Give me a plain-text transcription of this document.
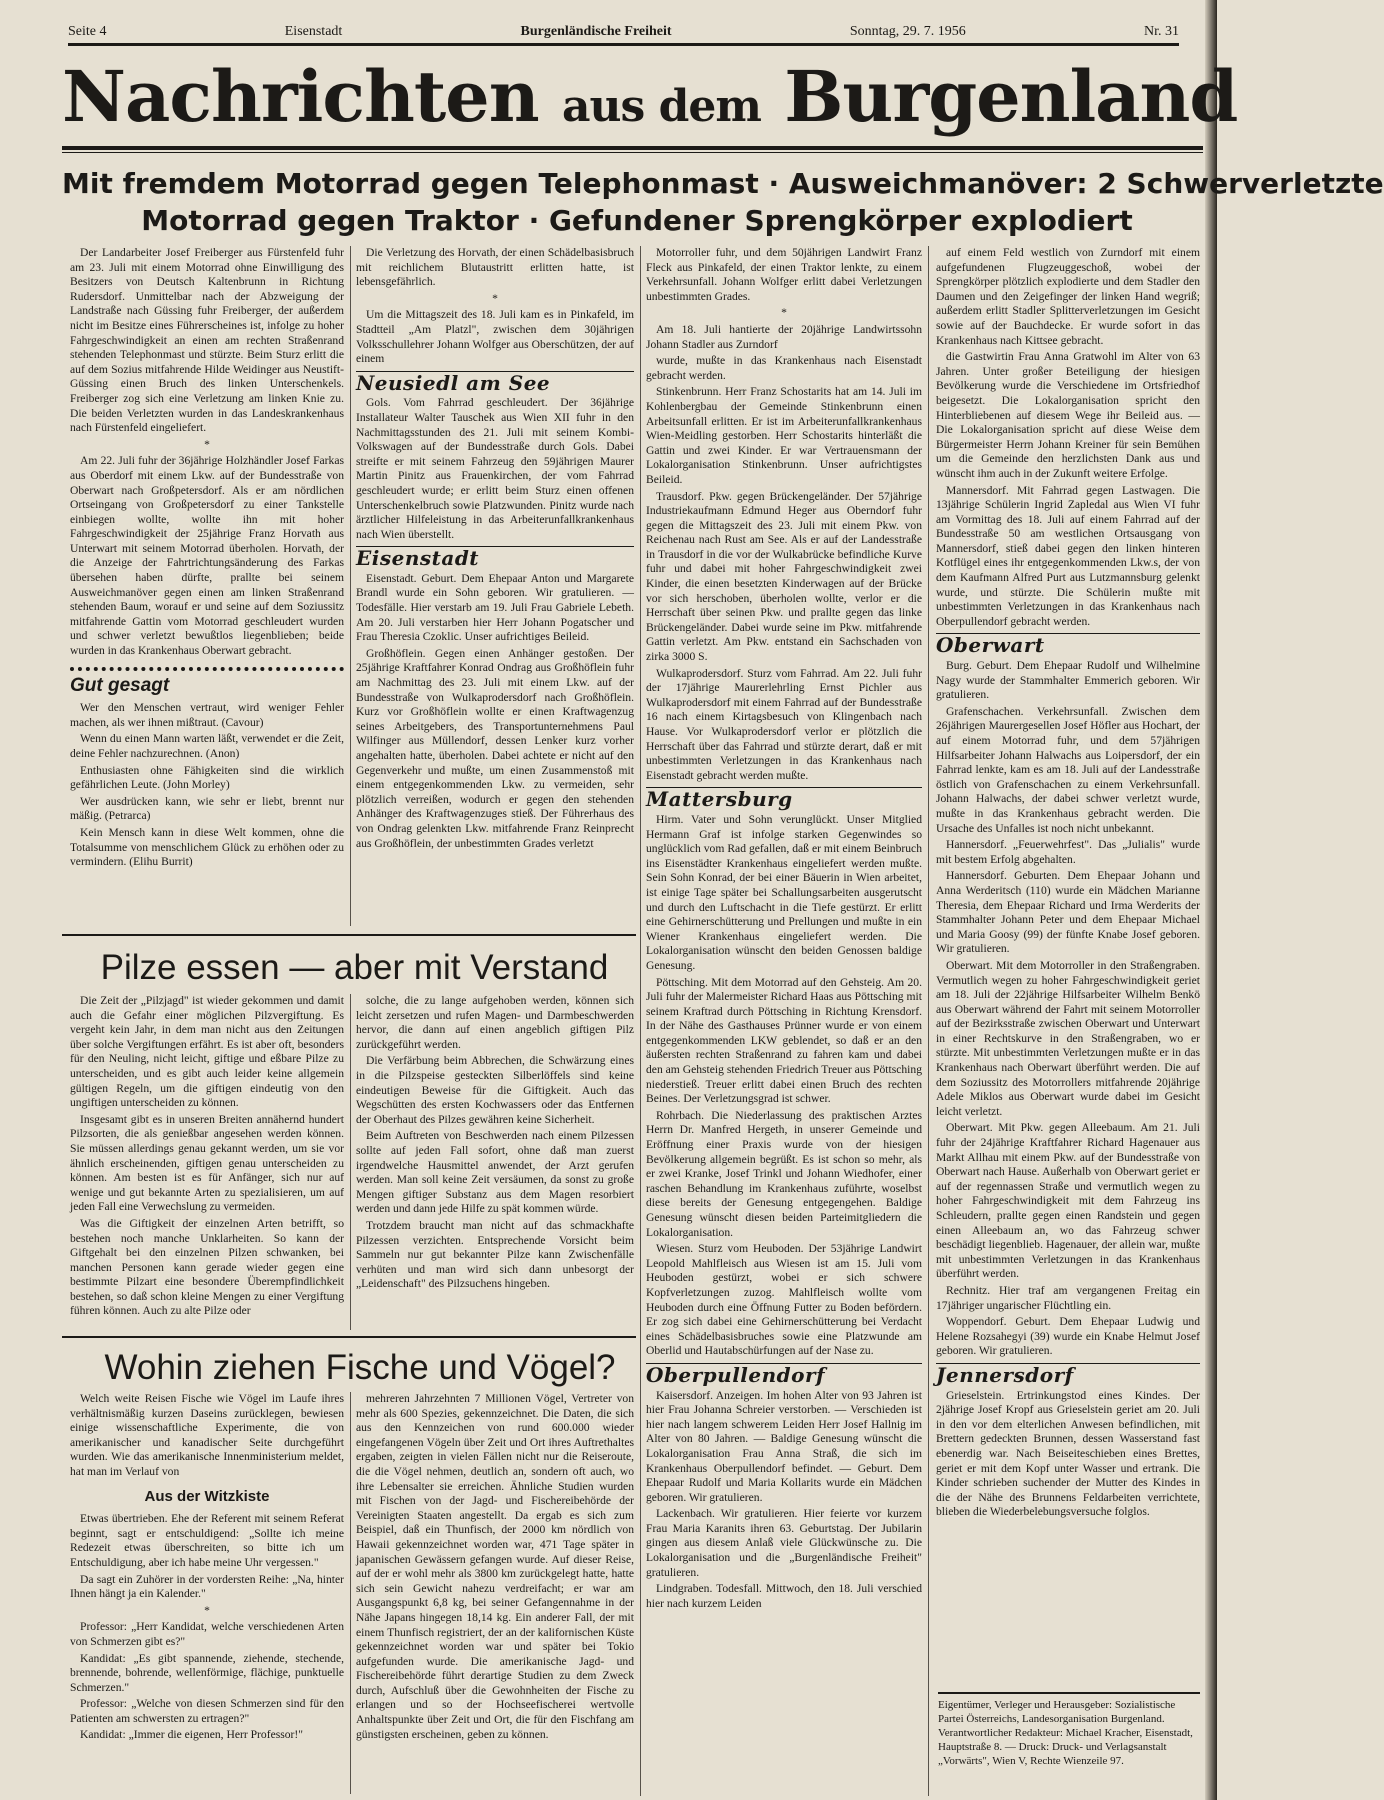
Seite 4	Eisenstadt	Burgenländische Freiheit	Sonntag, 29. 7. 1956	Nr. 31
Nachrichten aus dem Burgenland
Mit fremdem Motorrad gegen Telephonmast · Ausweichmanöver: 2 Schwerverletzte
Motorrad gegen Traktor · Gefundener Sprengkörper explodiert

Der Landarbeiter Josef Freiberger aus Fürstenfeld fuhr am 23. Juli mit einem Motorrad ohne Einwilligung des Besitzers von Deutsch Kaltenbrunn in Richtung Rudersdorf. Unmittelbar nach der Abzweigung der Landstraße nach Güssing fuhr Freiberger, der außerdem nicht im Besitze eines Führerscheines ist, infolge zu hoher Fahrgeschwindigkeit an einen am rechten Straßenrand stehenden Telephonmast und stürzte. Beim Sturz erlitt die auf dem Sozius mitfahrende Hilde Weidinger aus Neustift-Güssing einen Bruch des linken Unterschenkels. Freiberger zog sich eine Verletzung am linken Knie zu. Die beiden Verletzten wurden in das Landeskrankenhaus nach Fürstenfeld eingeliefert.

*

Am 22. Juli fuhr der 36jährige Holzhändler Josef Farkas aus Oberdorf mit einem Lkw. auf der Bundesstraße von Oberwart nach Großpetersdorf. Als er am nördlichen Ortseingang von Großpetersdorf zu einer Tankstelle einbiegen wollte, wollte ihn mit hoher Fahrgeschwindigkeit der 25jährige Franz Horvath aus Unterwart mit seinem Motorrad überholen. Horvath, der die Anzeige der Fahrtrichtungsänderung des Farkas übersehen haben dürfte, prallte bei seinem Ausweichmanöver gegen einen am linken Straßenrand stehenden Baum, worauf er und seine auf dem Soziussitz mitfahrende Gattin vom Motorrad geschleudert wurden und schwer verletzt bewußtlos liegenblieben; beide wurden in das Krankenhaus Oberwart gebracht.

Gut gesagt

Wer den Menschen vertraut, wird weniger Fehler machen, als wer ihnen mißtraut. (Cavour)

Wenn du einen Mann warten läßt, verwendet er die Zeit, deine Fehler nachzurechnen. (Anon)

Enthusiasten ohne Fähigkeiten sind die wirklich gefährlichen Leute. (John Morley)

Wer ausdrücken kann, wie sehr er liebt, brennt nur mäßig. (Petrarca)

Kein Mensch kann in diese Welt kommen, ohne die Totalsumme von menschlichem Glück zu erhöhen oder zu vermindern. (Elihu Burrit)

Die Verletzung des Horvath, der einen Schädelbasisbruch mit reichlichem Blutaustritt erlitten hatte, ist lebensgefährlich.

*

Um die Mittagszeit des 18. Juli kam es in Pinkafeld, im Stadtteil „Am Platzl", zwischen dem 30jährigen Volksschullehrer Johann Wolfger aus Oberschützen, der auf einem

Neusiedl am See

Gols. Vom Fahrrad geschleudert. Der 36jährige Installateur Walter Tauschek aus Wien XII fuhr in den Nachmittagsstunden des 21. Juli mit seinem Kombi-Volkswagen auf der Bundesstraße durch Gols. Dabei streifte er mit seinem Fahrzeug den 59jährigen Maurer Martin Pinitz aus Frauenkirchen, der vom Fahrrad geschleudert wurde; er erlitt beim Sturz einen offenen Unterschenkelbruch sowie Platzwunden. Pinitz wurde nach ärztlicher Hilfeleistung in das Arbeiterunfallkrankenhaus nach Wien überstellt.

Eisenstadt

Eisenstadt. Geburt. Dem Ehepaar Anton und Margarete Brandl wurde ein Sohn geboren. Wir gratulieren. — Todesfälle. Hier verstarb am 19. Juli Frau Gabriele Lebeth. Am 20. Juli verstarben hier Herr Johann Pogatscher und Frau Theresia Czoklic. Unser aufrichtiges Beileid.

Großhöflein. Gegen einen Anhänger gestoßen. Der 25jährige Kraftfahrer Konrad Ondrag aus Großhöflein fuhr am Nachmittag des 23. Juli mit einem Lkw. auf der Bundesstraße von Wulkaprodersdorf nach Großhöflein. Kurz vor Großhöflein wollte er einen Kraftwagenzug seines Arbeitgebers, des Transportunternehmens Paul Wilfinger aus Müllendorf, dessen Lenker kurz vorher angehalten hatte, überholen. Dabei achtete er nicht auf den Gegenverkehr und mußte, um einen Zusammenstoß mit einem entgegenkommenden Lkw. zu vermeiden, sehr plötzlich verreißen, wodurch er gegen den stehenden Anhänger des Kraftwagenzuges stieß. Der Führerhaus des von Ondrag gelenkten Lkw. mitfahrende Franz Reinprecht aus Großhöflein, der unbestimmten Grades verletzt

Motorroller fuhr, und dem 50jährigen Landwirt Franz Fleck aus Pinkafeld, der einen Traktor lenkte, zu einem Verkehrsunfall. Johann Wolfger erlitt dabei Verletzungen unbestimmten Grades.

*

Am 18. Juli hantierte der 20jährige Landwirtssohn Johann Stadler aus Zurndorf

wurde, mußte in das Krankenhaus nach Eisenstadt gebracht werden.

Stinkenbrunn. Herr Franz Schostarits hat am 14. Juli im Kohlenbergbau der Gemeinde Stinkenbrunn einen Arbeitsunfall erlitten. Er ist im Arbeiterunfallkrankenhaus Wien-Meidling gestorben. Herr Schostarits hinterläßt die Gattin und zwei Kinder. Er war Vertrauensmann der Lokalorganisation Stinkenbrunn. Unser aufrichtigstes Beileid.

Trausdorf. Pkw. gegen Brückengeländer. Der 57jährige Industriekaufmann Edmund Heger aus Oberndorf fuhr gegen die Mittagszeit des 23. Juli mit einem Pkw. von Reichenau nach Rust am See. Als er auf der Landesstraße in Trausdorf in die vor der Wulkabrücke befindliche Kurve fuhr und dabei mit hoher Fahrgeschwindigkeit zwei Kinder, die einen besetzten Kinderwagen auf der Brücke vor sich herschoben, überholen wollte, verlor er die Herrschaft über seinen Pkw. und prallte gegen das linke Brückengeländer. Dabei wurde seine im Pkw. mitfahrende Gattin verletzt. Am Pkw. entstand ein Sachschaden von zirka 3000 S.

Wulkaprodersdorf. Sturz vom Fahrrad. Am 22. Juli fuhr der 17jährige Maurerlehrling Ernst Pichler aus Wulkaprodersdorf mit einem Fahrrad auf der Bundesstraße 16 nach einem Kirtagsbesuch von Klingenbach nach Hause. Vor Wulkaprodersdorf verlor er plötzlich die Herrschaft über das Fahrrad und stürzte derart, daß er mit unbestimmten Verletzungen in das Krankenhaus nach Eisenstadt gebracht werden mußte.

Mattersburg

Hirm. Vater und Sohn verunglückt. Unser Mitglied Hermann Graf ist infolge starken Gegenwindes so unglücklich vom Rad gefallen, daß er mit einem Beinbruch ins Eisenstädter Krankenhaus eingeliefert werden mußte. Sein Sohn Konrad, der bei einer Bäuerin in Wien arbeitet, ist einige Tage später bei Schallungsarbeiten ausgerutscht und durch den Luftschacht in die Tiefe gestürzt. Er erlitt eine Gehirnerschütterung und Prellungen und mußte in ein Wiener Krankenhaus eingeliefert werden. Die Lokalorganisation wünscht den beiden Genossen baldige Genesung.

Pöttsching. Mit dem Motorrad auf den Gehsteig. Am 20. Juli fuhr der Malermeister Richard Haas aus Pöttsching mit seinem Kraftrad durch Pöttsching in Richtung Krensdorf. In der Nähe des Gasthauses Prünner wurde er von einem entgegenkommenden LKW geblendet, so daß er an den äußersten rechten Straßenrand zu fahren kam und dabei den am Gehsteig stehenden Friedrich Treuer aus Pöttsching niederstieß. Treuer erlitt dabei einen Bruch des rechten Beines. Der Verletzungsgrad ist schwer.

Rohrbach. Die Niederlassung des praktischen Arztes Herrn Dr. Manfred Hergeth, in unserer Gemeinde und Eröffnung einer Praxis wurde von der hiesigen Bevölkerung allgemein begrüßt. Es ist schon so mehr, als er zwei Kranke, Josef Trinkl und Johann Wiedhofer, einer raschen Behandlung im Krankenhaus zuführte, woselbst diese bereits der Genesung entgegengehen. Baldige Genesung wünscht diesen beiden Parteimitgliedern die Lokalorganisation.

Wiesen. Sturz vom Heuboden. Der 53jährige Landwirt Leopold Mahlfleisch aus Wiesen ist am 15. Juli vom Heuboden gestürzt, wobei er sich schwere Kopfverletzungen zuzog. Mahlfleisch wollte vom Heuboden durch eine Öffnung Futter zu Boden befördern. Er zog sich dabei eine Gehirnerschütterung bei Verdacht eines Schädelbasisbruches sowie eine Platzwunde am Oberlid und Hautabschürfungen auf der Nase zu.

Oberpullendorf

Kaisersdorf. Anzeigen. Im hohen Alter von 93 Jahren ist hier Frau Johanna Schreier verstorben. — Verschieden ist hier nach langem schwerem Leiden Herr Josef Hallnig im Alter von 80 Jahren. — Baldige Genesung wünscht die Lokalorganisation Frau Anna Straß, die sich im Krankenhaus Oberpullendorf befindet. — Geburt. Dem Ehepaar Rudolf und Maria Kollarits wurde ein Mädchen geboren. Wir gratulieren.

Lackenbach. Wir gratulieren. Hier feierte vor kurzem Frau Maria Karanits ihren 63. Geburtstag. Der Jubilarin gingen aus diesem Anlaß viele Glückwünsche zu. Die Lokalorganisation und die „Burgenländische Freiheit" gratulieren.

Lindgraben. Todesfall. Mittwoch, den 18. Juli verschied hier nach kurzem Leiden

auf einem Feld westlich von Zurndorf mit einem aufgefundenen Flugzeuggeschoß, wobei der Sprengkörper plötzlich explodierte und dem Stadler den Daumen und den Zeigefinger der linken Hand wegriß; außerdem erlitt Stadler Splitterverletzungen im Gesicht sowie auf der Bauchdecke. Er wurde sofort in das Krankenhaus nach Kittsee gebracht.

die Gastwirtin Frau Anna Gratwohl im Alter von 63 Jahren. Unter großer Beteiligung der hiesigen Bevölkerung wurde die Verschiedene im Ortsfriedhof beigesetzt. Die Lokalorganisation spricht den Hinterbliebenen auf diesem Wege ihr Beileid aus. — Die Lokalorganisation spricht auf diese Weise dem Bürgermeister Herrn Johann Kreiner für sein Bemühen um die Gemeinde den herzlichsten Dank aus und wünscht ihm auch in der Zukunft weitere Erfolge.

Mannersdorf. Mit Fahrrad gegen Lastwagen. Die 13jährige Schülerin Ingrid Zapledal aus Wien VI fuhr am Vormittag des 18. Juli auf einem Fahrrad auf der Bundesstraße 50 am westlichen Ortsausgang von Mannersdorf, stieß dabei gegen den linken hinteren Kotflügel eines ihr entgegenkommenden Lkw.s, der von dem Kaufmann Alfred Purt aus Lutzmannsburg gelenkt wurde, und stürzte. Die Schülerin mußte mit unbestimmten Verletzungen in das Krankenhaus nach Oberpullendorf gebracht werden.

Oberwart

Burg. Geburt. Dem Ehepaar Rudolf und Wilhelmine Nagy wurde der Stammhalter Emmerich geboren. Wir gratulieren.

Grafenschachen. Verkehrsunfall. Zwischen dem 26jährigen Maurergesellen Josef Höfler aus Hochart, der auf einem Motorrad fuhr, und dem 57jährigen Hilfsarbeiter Johann Halwachs aus Loipersdorf, der ein Fahrrad lenkte, kam es am 18. Juli auf der Landesstraße östlich von Grafenschachen zu einem Verkehrsunfall. Johann Halwachs, der dabei schwer verletzt wurde, mußte in das Krankenhaus gebracht werden. Die Ursache des Unfalles ist noch nicht unbekannt.

Hannersdorf. „Feuerwehrfest". Das „Julialis" wurde mit bestem Erfolg abgehalten.

Hannersdorf. Geburten. Dem Ehepaar Johann und Anna Werderitsch (110) wurde ein Mädchen Marianne Theresia, dem Ehepaar Richard und Irma Werderits der Stammhalter Johann Peter und dem Ehepaar Michael und Maria Goosy (99) der fünfte Knabe Josef geboren. Wir gratulieren.

Oberwart. Mit dem Motorroller in den Straßengraben. Vermutlich wegen zu hoher Fahrgeschwindigkeit geriet am 18. Juli der 22jährige Hilfsarbeiter Wilhelm Benkö aus Oberwart während der Fahrt mit seinem Motorroller auf der Bezirksstraße zwischen Oberwart und Unterwart in einer Rechtskurve in den Straßengraben, wo er stürzte. Mit unbestimmten Verletzungen mußte er in das Krankenhaus nach Oberwart überführt werden. Die auf dem Soziussitz des Motorrollers mitfahrende 20jährige Adele Miklos aus Oberwart wurde dabei im Gesicht leicht verletzt.

Oberwart. Mit Pkw. gegen Alleebaum. Am 21. Juli fuhr der 24jährige Kraftfahrer Richard Hagenauer aus Markt Allhau mit einem Pkw. auf der Bundesstraße von Oberwart nach Hause. Außerhalb von Oberwart geriet er auf der regennassen Straße und vermutlich wegen zu hoher Fahrgeschwindigkeit mit dem Fahrzeug ins Schleudern, prallte gegen einen Randstein und gegen einen Alleebaum an, wo das Fahrzeug schwer beschädigt liegenblieb. Hagenauer, der allein war, mußte mit unbestimmten Verletzungen in das Krankenhaus überführt werden.

Rechnitz. Hier traf am vergangenen Freitag ein 17jähriger ungarischer Flüchtling ein.

Woppendorf. Geburt. Dem Ehepaar Ludwig und Helene Rozsahegyi (39) wurde ein Knabe Helmut Josef geboren. Wir gratulieren.

Jennersdorf

Grieselstein. Ertrinkungstod eines Kindes. Der 2jährige Josef Kropf aus Grieselstein geriet am 20. Juli in den vor dem elterlichen Anwesen befindlichen, mit Brettern gedeckten Brunnen, dessen Wasserstand fast ebenerdig war. Nach Beiseiteschieben eines Brettes, geriet er mit dem Kopf unter Wasser und ertrank. Die Kinder schrieben suchender der Mutter des Kindes in die der Nähe des Brunnens Feldarbeiten verrichtete, blieben die Wiederbelebungsversuche folglos.

Eigentümer, Verleger und Herausgeber: Sozialistische Partei Österreichs, Landesorganisation Burgenland. Verantwortlicher Redakteur: Michael Kracher, Eisenstadt, Hauptstraße 8. — Druck: Druck- und Verlagsanstalt „Vorwärts", Wien V, Rechte Wienzeile 97.
Pilze essen — aber mit Verstand

Die Zeit der „Pilzjagd" ist wieder gekommen und damit auch die Gefahr einer möglichen Pilzvergiftung. Es vergeht kein Jahr, in dem man nicht aus den Zeitungen über solche Vergiftungen erfährt. Es ist aber oft, besonders für den Neuling, nicht leicht, giftige und eßbare Pilze zu unterscheiden, und es gibt auch leider keine allgemein gültigen Regeln, um die giftigen eindeutig von den ungiftigen unterscheiden zu können.

Insgesamt gibt es in unseren Breiten annähernd hundert Pilzsorten, die als genießbar angesehen werden können. Sie müssen allerdings genau gekannt werden, um sie vor ähnlich erscheinenden, giftigen genau unterscheiden zu können. Am besten ist es für Anfänger, sich nur auf wenige und gut bekannte Arten zu spezialisieren, um auf jeden Fall eine Verwechslung zu vermeiden.

Was die Giftigkeit der einzelnen Arten betrifft, so bestehen noch manche Unklarheiten. So kann der Giftgehalt bei den einzelnen Pilzen schwanken, bei manchen Personen kann gerade wieder gegen eine bestimmte Pilzart eine besondere Überempfindlichkeit bestehen, so daß schon kleine Mengen zu einer Vergiftung führen können. Auch zu alte Pilze oder

solche, die zu lange aufgehoben werden, können sich leicht zersetzen und rufen Magen- und Darmbeschwerden hervor, die dann auf einen angeblich giftigen Pilz zurückgeführt werden.

Die Verfärbung beim Abbrechen, die Schwärzung eines in die Pilzspeise gesteckten Silberlöffels sind keine eindeutigen Beweise für die Giftigkeit. Auch das Wegschütten des ersten Kochwassers oder das Entfernen der Oberhaut des Pilzes gewähren keine Sicherheit.

Beim Auftreten von Beschwerden nach einem Pilzessen sollte auf jeden Fall sofort, ohne daß man zuerst irgendwelche Hausmittel anwendet, der Arzt gerufen werden. Man soll keine Zeit versäumen, da sonst zu große Mengen giftiger Substanz aus dem Magen resorbiert werden und dann jede Hilfe zu spät kommen würde.

Trotzdem braucht man nicht auf das schmackhafte Pilzessen verzichten. Entsprechende Vorsicht beim Sammeln nur gut bekannter Pilze kann Zwischenfälle verhüten und man wird sich dann unbesorgt der „Leidenschaft" des Pilzsuchens hingeben.

Wohin ziehen Fische und Vögel?

Welch weite Reisen Fische wie Vögel im Laufe ihres verhältnismäßig kurzen Daseins zurücklegen, bewiesen einige wissenschaftliche Experimente, die von amerikanischer und kanadischer Seite durchgeführt wurden. Wie das amerikanische Innenministerium meldet, hat man im Verlauf von

Aus der Witzkiste

Etwas übertrieben. Ehe der Referent mit seinem Referat beginnt, sagt er entschuldigend: „Sollte ich meine Redezeit etwas überschreiten, so bitte ich um Entschuldigung, aber ich habe meine Uhr vergessen."

Da sagt ein Zuhörer in der vordersten Reihe: „Na, hinter Ihnen hängt ja ein Kalender."

*

Professor: „Herr Kandidat, welche verschiedenen Arten von Schmerzen gibt es?"

Kandidat: „Es gibt spannende, ziehende, stechende, brennende, bohrende, wellenförmige, flächige, punktuelle Schmerzen."

Professor: „Welche von diesen Schmerzen sind für den Patienten am schwersten zu ertragen?"

Kandidat: „Immer die eigenen, Herr Professor!"

mehreren Jahrzehnten 7 Millionen Vögel, Vertreter von mehr als 600 Spezies, gekennzeichnet. Die Daten, die sich aus den Kennzeichen von rund 600.000 wieder eingefangenen Vögeln über Zeit und Ort ihres Auftrethaltes ergaben, zeigten in vielen Fällen nicht nur die Reiseroute, die die Vögel nehmen, deutlich an, sondern oft auch, wo ihre Lebensalter sie erreichen. Ähnliche Studien wurden mit Fischen von der Jagd- und Fischereibehörde der Vereinigten Staaten angestellt. Da ergab es sich zum Beispiel, daß ein Thunfisch, der 2000 km nördlich von Hawaii gekennzeichnet worden war, 471 Tage später in japanischen Gewässern gefangen wurde. Auf dieser Reise, auf der er wohl mehr als 3800 km zurückgelegt hatte, hatte sich sein Gewicht nahezu verdreifacht; er war am Ausgangspunkt 6,8 kg, bei seiner Gefangennahme in der Nähe Japans hingegen 18,14 kg. Ein anderer Fall, der mit einem Thunfisch registriert, der an der kalifornischen Küste gekennzeichnet worden war und später bei Tokio aufgefunden wurde. Die amerikanische Jagd- und Fischereibehörde führt derartige Studien zu dem Zweck durch, Aufschluß über die Gewohnheiten der Fische zu erlangen und so der Hochseefischerei wertvolle Anhaltspunkte über Zeit und Ort, die für den Fischfang am günstigsten erscheinen, geben zu können.
